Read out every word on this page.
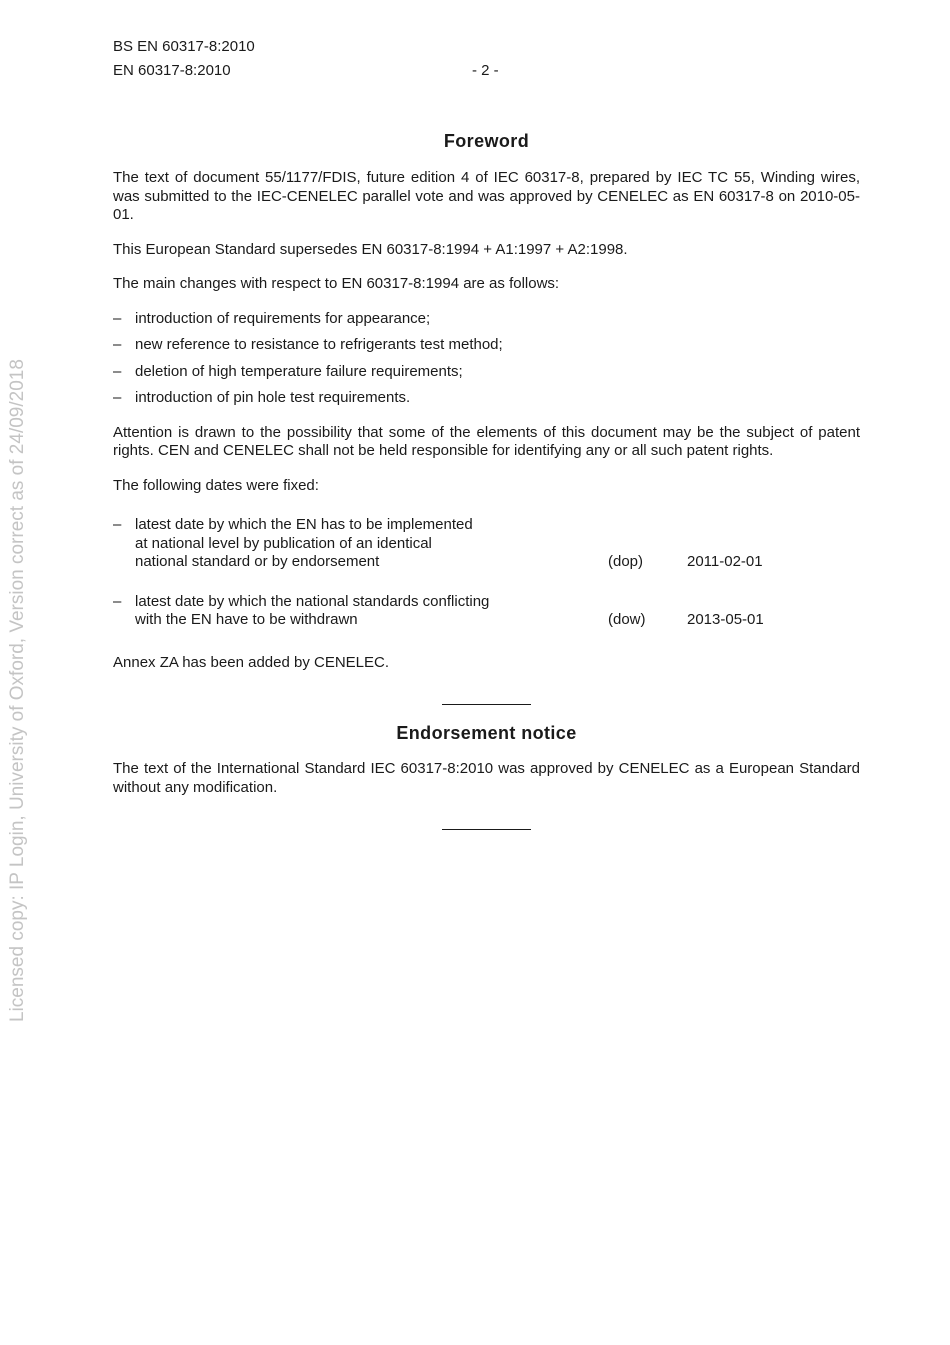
Licensed copy: IP Login, University of Oxford, Version correct as of 24/09/2018
BS EN 60317-8:2010
EN 60317-8:2010	- 2 -
Foreword

The text of document 55/1177/FDIS, future edition 4 of IEC 60317-8, prepared by IEC TC 55, Winding wires, was submitted to the IEC-CENELEC parallel vote and was approved by CENELEC as EN 60317-8 on 2010-05-01.

This European Standard supersedes EN 60317-8:1994 + A1:1997 + A2:1998.

The main changes with respect to EN 60317-8:1994 are as follows:

– introduction of requirements for appearance;
– new reference to resistance to refrigerants test method;
– deletion of high temperature failure requirements;
– introduction of pin hole test requirements.

Attention is drawn to the possibility that some of the elements of this document may be the subject of patent rights. CEN and CENELEC shall not be held responsible for identifying any or all such patent rights.

The following dates were fixed:

– latest date by which the EN has to be implemented
at national level by publication of an identical
national standard or by endorsement	(dop)	2011-02-01
– latest date by which the national standards conflicting
with the EN have to be withdrawn	(dow)	2013-05-01

Annex ZA has been added by CENELEC.

Endorsement notice

The text of the International Standard IEC 60317-8:2010 was approved by CENELEC as a European Standard without any modification.
